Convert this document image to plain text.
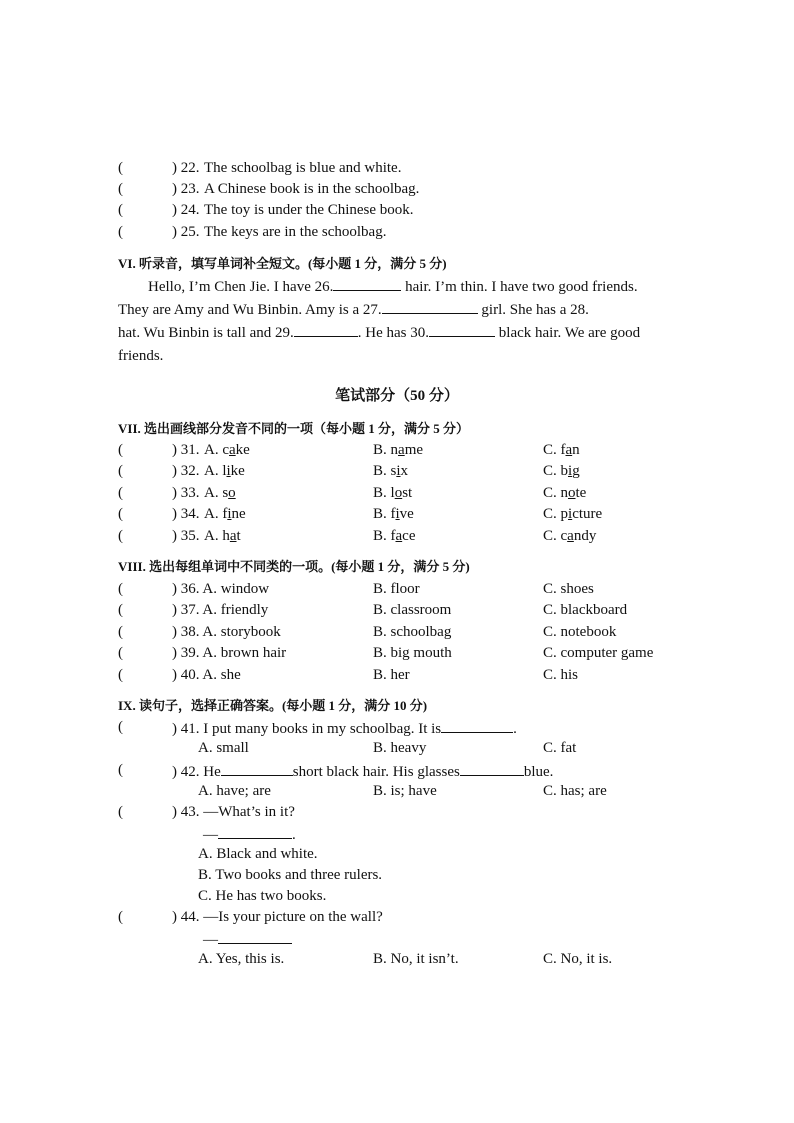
(	) 22. The schoolbag is blue and white.
(	) 23. A Chinese book is in the schoolbag.
(	) 24. The toy is under the Chinese book.
(	) 25. The keys are in the schoolbag.
VI. 听录音，填写单词补全短文。(每小题 1 分，满分 5 分)

Hello, I’m Chen Jie. I have 26.	hair. I’m thin. I have two good friends.

They are Amy and Wu Binbin. Amy is a 27.	girl. She has a 28.

hat. Wu Binbin is tall and 29.	. He has 30.	black hair. We are good

friends.

笔试部分（50 分）
VII. 选出画线部分发音不同的一项（每小题 1 分，满分 5 分）
(	) 31. A. cake	B. name	C. fan
(	) 32. A. like	B. six	C. big
(	) 33. A. so	B. lost	C. note
(	) 34. A. fine	B. five	C. picture
(	) 35. A. hat	B. face	C. candy
VIII. 选出每组单词中不同类的一项。(每小题 1 分，满分 5 分)
(	) 36. A. window	B. floor	C. shoes
(	) 37. A. friendly	B. classroom	C. blackboard
(	) 38. A. storybook	B. schoolbag	C. notebook
(	) 39. A. brown hair	B. big mouth	C. computer game
(	) 40. A. she	B. her	C. his
IX. 读句子，选择正确答案。(每小题 1 分，满分 10 分)
(	) 41. I put many books in my schoolbag. It is	.
A. small	B. heavy	C. fat
(	) 42. He	short black hair. His glasses	blue.
A. have; are	B. is; have	C. has; are
(	) 43. —What’s in it?
—	.
A. Black and white.
B. Two books and three rulers.
C. He has two books.
(	) 44. —Is your picture on the wall?
—
A. Yes, this is.	B. No, it isn’t.	C. No, it is.
